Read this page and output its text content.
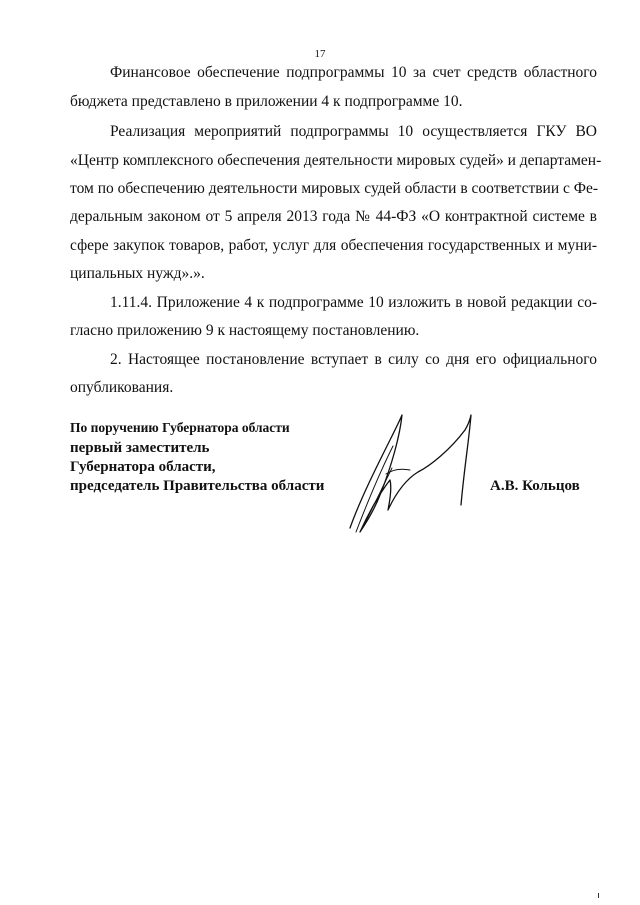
17
Финансовое обеспечение подпрограммы 10 за счет средств областного
бюджета представлено в приложении 4 к подпрограмме 10.
Реализация мероприятий подпрограммы 10 осуществляется ГКУ ВО
«Центр комплексного обеспечения деятельности мировых судей» и департамен-
том по обеспечению деятельности мировых судей области в соответствии с Фе-
деральным законом от 5 апреля 2013 года № 44-ФЗ «О контрактной системе в
сфере закупок товаров, работ, услуг для обеспечения государственных и муни-
ципальных нужд».».
1.11.4. Приложение 4 к подпрограмме 10 изложить в новой редакции со-
гласно приложению 9 к настоящему постановлению.
2. Настоящее постановление вступает в силу со дня его официального
опубликования.
По поручению Губернатора области
первый заместитель
Губернатора области,
председатель Правительства области	А.В. Кольцов
